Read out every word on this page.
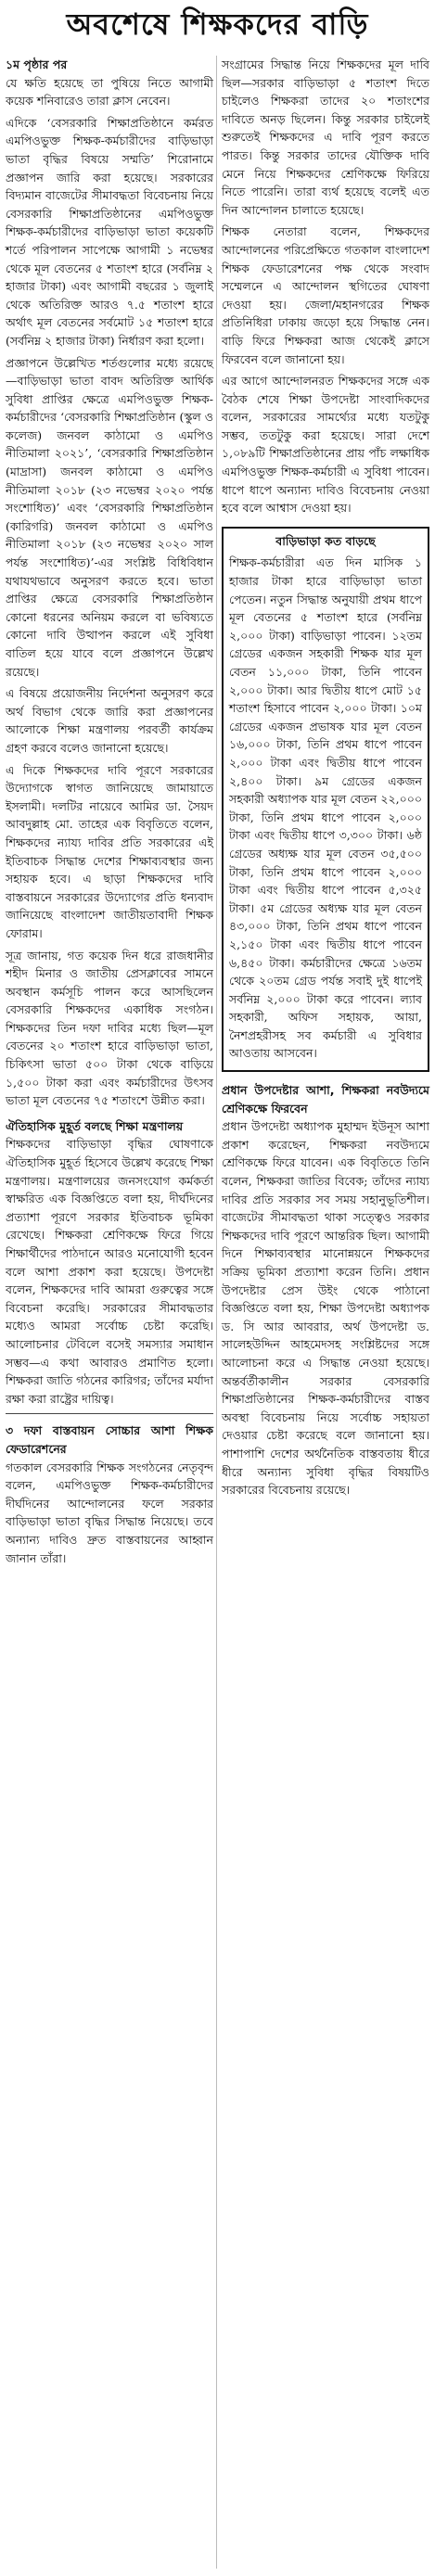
অবশেষে শিক্ষকদের বাড়ি
১ম পৃষ্ঠার পর

যে ক্ষতি হয়েছে তা পুষিয়ে নিতে আগামী কয়েক শনিবারেও তারা ক্লাস নেবেন।

এদিকে ‘বেসরকারি শিক্ষাপ্রতিষ্ঠানে কর্মরত এমপিওভুক্ত শিক্ষক-কর্মচারীদের বাড়িভাড়া ভাতা বৃদ্ধির বিষয়ে সম্মতি’ শিরোনামে প্রজ্ঞাপন জারি করা হয়েছে। সরকারের বিদ্যমান বাজেটের সীমাবদ্ধতা বিবেচনায় নিয়ে বেসরকারি শিক্ষাপ্রতিষ্ঠানের এমপিওভুক্ত শিক্ষক-কর্মচারীদের বাড়িভাড়া ভাতা কয়েকটি শর্তে পরিপালন সাপেক্ষে আগামী ১ নভেম্বর থেকে মূল বেতনের ৫ শতাংশ হারে (সর্বনিম্ন ২ হাজার টাকা) এবং আগামী বছরের ১ জুলাই থেকে অতিরিক্ত আরও ৭.৫ শতাংশ হারে অর্থাৎ মূল বেতনের সর্বমোট ১৫ শতাংশ হারে (সর্বনিম্ন ২ হাজার টাকা) নির্ধারণ করা হলো।

প্রজ্ঞাপনে উল্লেখিত শর্তগুলোর মধ্যে রয়েছে—বাড়িভাড়া ভাতা বাবদ অতিরিক্ত আর্থিক সুবিধা প্রাপ্তির ক্ষেত্রে এমপিওভুক্ত শিক্ষক-কর্মচারীদের ‘বেসরকারি শিক্ষাপ্রতিষ্ঠান (স্কুল ও কলেজ) জনবল কাঠামো ও এমপিও নীতিমালা ২০২১’, ‘বেসরকারি শিক্ষাপ্রতিষ্ঠান (মাদ্রাসা) জনবল কাঠামো ও এমপিও নীতিমালা ২০১৮ (২৩ নভেম্বর ২০২০ পর্যন্ত সংশোধিত)’ এবং ‘বেসরকারি শিক্ষাপ্রতিষ্ঠান (কারিগরি) জনবল কাঠামো ও এমপিও নীতিমালা ২০১৮ (২৩ নভেম্বর ২০২০ সাল পর্যন্ত সংশোধিত)’-এর সংশ্লিষ্ট বিধিবিধান যথাযথভাবে অনুসরণ করতে হবে। ভাতা প্রাপ্তির ক্ষেত্রে বেসরকারি শিক্ষাপ্রতিষ্ঠান কোনো ধরনের অনিয়ম করলে বা ভবিষ্যতে কোনো দাবি উত্থাপন করলে এই সুবিধা বাতিল হয়ে যাবে বলে প্রজ্ঞাপনে উল্লেখ রয়েছে।

এ বিষয়ে প্রয়োজনীয় নির্দেশনা অনুসরণ করে অর্থ বিভাগ থেকে জারি করা প্রজ্ঞাপনের আলোকে শিক্ষা মন্ত্রণালয় পরবর্তী কার্যক্রম গ্রহণ করবে বলেও জানানো হয়েছে।

এ দিকে শিক্ষকদের দাবি পূরণে সরকারের উদ্যোগকে স্বাগত জানিয়েছে জামায়াতে ইসলামী। দলটির নায়েবে আমির ডা. সৈয়দ আবদুল্লাহ মো. তাহের এক বিবৃতিতে বলেন, শিক্ষকদের ন্যায্য দাবির প্রতি সরকারের এই ইতিবাচক সিদ্ধান্ত দেশের শিক্ষাব্যবস্থার জন্য সহায়ক হবে। এ ছাড়া শিক্ষকদের দাবি বাস্তবায়নে সরকারের উদ্যোগের প্রতি ধন্যবাদ জানিয়েছে বাংলাদেশ জাতীয়তাবাদী শিক্ষক ফোরাম।

সূত্র জানায়, গত কয়েক দিন ধরে রাজধানীর শহীদ মিনার ও জাতীয় প্রেসক্লাবের সামনে অবস্থান কর্মসূচি পালন করে আসছিলেন বেসরকারি শিক্ষকদের একাধিক সংগঠন। শিক্ষকদের তিন দফা দাবির মধ্যে ছিল—মূল বেতনের ২০ শতাংশ হারে বাড়িভাড়া ভাতা, চিকিৎসা ভাতা ৫০০ টাকা থেকে বাড়িয়ে ১,৫০০ টাকা করা এবং কর্মচারীদের উৎসব ভাতা মূল বেতনের ৭৫ শতাংশে উন্নীত করা।

ঐতিহাসিক মুহূর্ত বলছে শিক্ষা মন্ত্রণালয়

শিক্ষকদের বাড়িভাড়া বৃদ্ধির ঘোষণাকে ঐতিহাসিক মুহূর্ত হিসেবে উল্লেখ করেছে শিক্ষা মন্ত্রণালয়। মন্ত্রণালয়ের জনসংযোগ কর্মকর্তা স্বাক্ষরিত এক বিজ্ঞপ্তিতে বলা হয়, দীর্ঘদিনের প্রত্যাশা পূরণে সরকার ইতিবাচক ভূমিকা রেখেছে। শিক্ষকরা শ্রেণিকক্ষে ফিরে গিয়ে শিক্ষার্থীদের পাঠদানে আরও মনোযোগী হবেন বলে আশা প্রকাশ করা হয়েছে। উপদেষ্টা বলেন, শিক্ষকদের দাবি আমরা গুরুত্বের সঙ্গে বিবেচনা করেছি। সরকারের সীমাবদ্ধতার মধ্যেও আমরা সর্বোচ্চ চেষ্টা করেছি। আলোচনার টেবিলে বসেই সমস্যার সমাধান সম্ভব—এ কথা আবারও প্রমাণিত হলো। শিক্ষকরা জাতি গঠনের কারিগর; তাঁদের মর্যাদা রক্ষা করা রাষ্ট্রের দায়িত্ব।

৩ দফা বাস্তবায়ন সোচ্চার আশা শিক্ষক ফেডারেশনের

গতকাল বেসরকারি শিক্ষক সংগঠনের নেতৃবৃন্দ বলেন, এমপিওভুক্ত শিক্ষক-কর্মচারীদের দীর্ঘদিনের আন্দোলনের ফলে সরকার বাড়িভাড়া ভাতা বৃদ্ধির সিদ্ধান্ত নিয়েছে। তবে অন্যান্য দাবিও দ্রুত বাস্তবায়নের আহ্বান জানান তাঁরা।

সংগ্রামের সিদ্ধান্ত নিয়ে শিক্ষকদের মূল দাবি ছিল—সরকার বাড়িভাড়া ৫ শতাংশ দিতে চাইলেও শিক্ষকরা তাদের ২০ শতাংশের দাবিতে অনড় ছিলেন। কিন্তু সরকার চাইলেই শুরুতেই শিক্ষকদের এ দাবি পূরণ করতে পারত। কিন্তু সরকার তাদের যৌক্তিক দাবি মেনে নিয়ে শিক্ষকদের শ্রেণিকক্ষে ফিরিয়ে নিতে পারেনি। তারা ব্যর্থ হয়েছে বলেই এত দিন আন্দোলন চালাতে হয়েছে।

শিক্ষক নেতারা বলেন, শিক্ষকদের আন্দোলনের পরিপ্রেক্ষিতে গতকাল বাংলাদেশ শিক্ষক ফেডারেশনের পক্ষ থেকে সংবাদ সম্মেলনে এ আন্দোলন স্থগিতের ঘোষণা দেওয়া হয়। জেলা/মহানগরের শিক্ষক প্রতিনিধিরা ঢাকায় জড়ো হয়ে সিদ্ধান্ত নেন। বাড়ি ফিরে শিক্ষকরা আজ থেকেই ক্লাসে ফিরবেন বলে জানানো হয়।

এর আগে আন্দোলনরত শিক্ষকদের সঙ্গে এক বৈঠক শেষে শিক্ষা উপদেষ্টা সাংবাদিকদের বলেন, সরকারের সামর্থ্যের মধ্যে যতটুকু সম্ভব, ততটুকু করা হয়েছে। সারা দেশে ১,০৮৯টি শিক্ষাপ্রতিষ্ঠানের প্রায় পাঁচ লক্ষাধিক এমপিওভুক্ত শিক্ষক-কর্মচারী এ সুবিধা পাবেন। ধাপে ধাপে অন্যান্য দাবিও বিবেচনায় নেওয়া হবে বলে আশ্বাস দেওয়া হয়।

বাড়িভাড়া কত বাড়ছে

শিক্ষক-কর্মচারীরা এত দিন মাসিক ১ হাজার টাকা হারে বাড়িভাড়া ভাতা পেতেন। নতুন সিদ্ধান্ত অনুযায়ী প্রথম ধাপে মূল বেতনের ৫ শতাংশ হারে (সর্বনিম্ন ২,০০০ টাকা) বাড়িভাড়া পাবেন। ১২তম গ্রেডের একজন সহকারী শিক্ষক যার মূল বেতন ১১,০০০ টাকা, তিনি পাবেন ২,০০০ টাকা। আর দ্বিতীয় ধাপে মোট ১৫ শতাংশ হিসাবে পাবেন ২,০০০ টাকা। ১০ম গ্রেডের একজন প্রভাষক যার মূল বেতন ১৬,০০০ টাকা, তিনি প্রথম ধাপে পাবেন ২,০০০ টাকা এবং দ্বিতীয় ধাপে পাবেন ২,৪০০ টাকা। ৯ম গ্রেডের একজন সহকারী অধ্যাপক যার মূল বেতন ২২,০০০ টাকা, তিনি প্রথম ধাপে পাবেন ২,০০০ টাকা এবং দ্বিতীয় ধাপে ৩,৩০০ টাকা। ৬ষ্ঠ গ্রেডের অধ্যক্ষ যার মূল বেতন ৩৫,৫০০ টাকা, তিনি প্রথম ধাপে পাবেন ২,০০০ টাকা এবং দ্বিতীয় ধাপে পাবেন ৫,৩২৫ টাকা। ৫ম গ্রেডের অধ্যক্ষ যার মূল বেতন ৪৩,০০০ টাকা, তিনি প্রথম ধাপে পাবেন ২,১৫০ টাকা এবং দ্বিতীয় ধাপে পাবেন ৬,৪৫০ টাকা। কর্মচারীদের ক্ষেত্রে ১৬তম থেকে ২০তম গ্রেড পর্যন্ত সবাই দুই ধাপেই সর্বনিম্ন ২,০০০ টাকা করে পাবেন। ল্যাব সহকারী, অফিস সহায়ক, আয়া, নৈশপ্রহরীসহ সব কর্মচারী এ সুবিধার আওতায় আসবেন।

প্রধান উপদেষ্টার আশা, শিক্ষকরা নবউদ্যমে শ্রেণিকক্ষে ফিরবেন

প্রধান উপদেষ্টা অধ্যাপক মুহাম্মদ ইউনূস আশা প্রকাশ করেছেন, শিক্ষকরা নবউদ্যমে শ্রেণিকক্ষে ফিরে যাবেন। এক বিবৃতিতে তিনি বলেন, শিক্ষকরা জাতির বিবেক; তাঁদের ন্যায্য দাবির প্রতি সরকার সব সময় সহানুভূতিশীল। বাজেটের সীমাবদ্ধতা থাকা সত্ত্বেও সরকার শিক্ষকদের দাবি পূরণে আন্তরিক ছিল। আগামী দিনে শিক্ষাব্যবস্থার মানোন্নয়নে শিক্ষকদের সক্রিয় ভূমিকা প্রত্যাশা করেন তিনি। প্রধান উপদেষ্টার প্রেস উইং থেকে পাঠানো বিজ্ঞপ্তিতে বলা হয়, শিক্ষা উপদেষ্টা অধ্যাপক ড. সি আর আবরার, অর্থ উপদেষ্টা ড. সালেহউদ্দিন আহমেদসহ সংশ্লিষ্টদের সঙ্গে আলোচনা করে এ সিদ্ধান্ত নেওয়া হয়েছে। অন্তর্বর্তীকালীন সরকার বেসরকারি শিক্ষাপ্রতিষ্ঠানের শিক্ষক-কর্মচারীদের বাস্তব অবস্থা বিবেচনায় নিয়ে সর্বোচ্চ সহায়তা দেওয়ার চেষ্টা করেছে বলে জানানো হয়। পাশাপাশি দেশের অর্থনৈতিক বাস্তবতায় ধীরে ধীরে অন্যান্য সুবিধা বৃদ্ধির বিষয়টিও সরকারের বিবেচনায় রয়েছে।
